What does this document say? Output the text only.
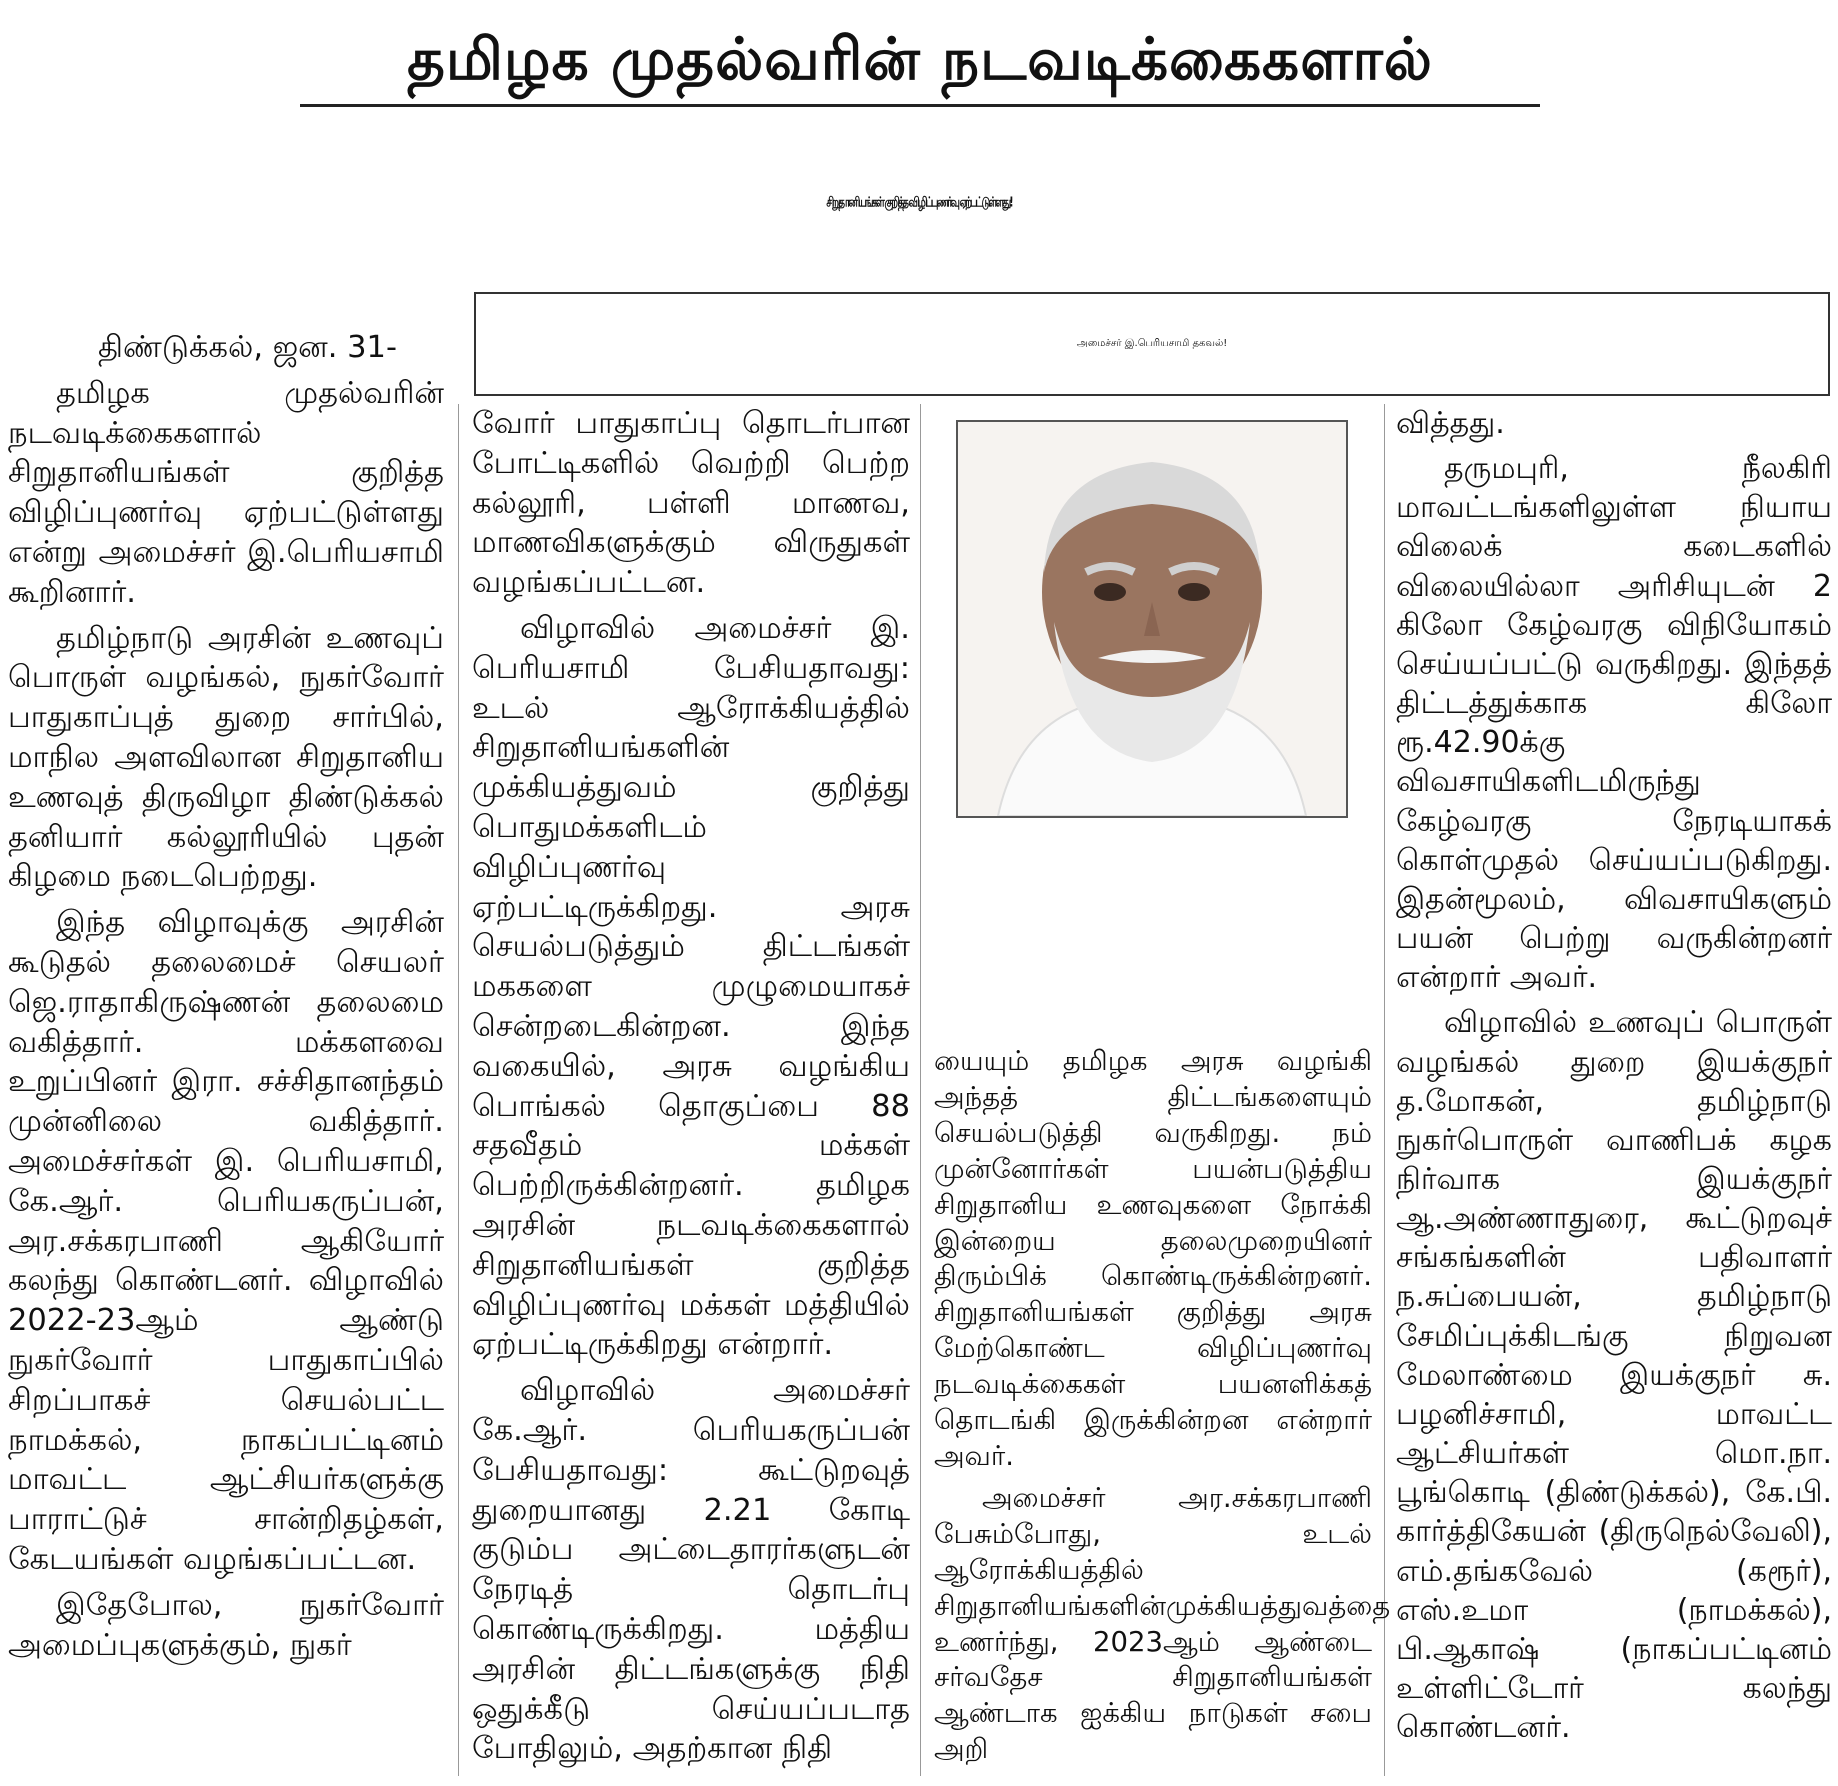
தமிழக முதல்வரின் நடவடிக்கைகளால்
சிறுதானியங்கள் குறித்த விழிப்புணர்வு ஏற்பட்டுள்ளது!
அமைச்சர் இ.பெரியசாமி தகவல்!

திண்டுக்கல், ஜன. 31-

தமிழக முதல்வரின் நடவடிக்கைகளால் சிறுதானியங்கள் குறித்த விழிப்புணர்வு ஏற்பட்டுள்ளது என்று அமைச்சர் இ.பெரியசாமி கூறினார்.

தமிழ்நாடு அரசின் உணவுப் பொருள் வழங்கல், நுகர்வோர் பாதுகாப்புத் துறை சார்பில், மாநில அளவிலான சிறுதானிய உணவுத் திருவிழா திண்டுக்கல் தனியார் கல்லூரியில் புதன் கிழமை நடைபெற்றது.

இந்த விழாவுக்கு அரசின் கூடுதல் தலைமைச் செயலர் ஜெ.ராதாகிருஷ்ணன் தலைமை வகித்தார். மக்களவை உறுப்பினர் இரா. சச்சிதானந்தம் முன்னிலை வகித்தார். அமைச்சர்கள் இ. பெரியசாமி, கே.ஆர். பெரியகருப்பன், அர.சக்கரபாணி ஆகியோர் கலந்து கொண்டனர். விழாவில் 2022-23ஆம் ஆண்டு நுகர்வோர் பாதுகாப்பில் சிறப்பாகச் செயல்பட்ட நாமக்கல், நாகப்பட்டினம் மாவட்ட ஆட்சியர்களுக்கு பாராட்டுச் சான்றிதழ்கள், கேடயங்கள் வழங்கப்பட்டன.

இதேபோல, நுகர்வோர் அமைப்புகளுக்கும், நுகர்

வோர் பாதுகாப்பு தொடர்பான போட்டிகளில் வெற்றி பெற்ற கல்லூரி, பள்ளி மாணவ, மாணவிகளுக்கும் விருதுகள் வழங்கப்பட்டன.

விழாவில் அமைச்சர் இ. பெரியசாமி பேசியதாவது: உடல் ஆரோக்கியத்தில் சிறுதானியங்களின் முக்கியத்துவம் குறித்து பொதுமக்களிடம் விழிப்புணர்வு ஏற்பட்டிருக்கிறது. அரசு செயல்படுத்தும் திட்டங்கள் மககளை முழுமையாகச் சென்றடைகின்றன. இந்த வகையில், அரசு வழங்கிய பொங்கல் தொகுப்பை 88 சதவீதம் மக்கள் பெற்றிருக்கின்றனர். தமிழக அரசின் நடவடிக்கைகளால் சிறுதானியங்கள் குறித்த விழிப்புணர்வு மக்கள் மத்தியில் ஏற்பட்டிருக்கிறது என்றார்.

விழாவில் அமைச்சர் கே.ஆர். பெரியகருப்பன் பேசியதாவது: கூட்டுறவுத் துறையானது 2.21 கோடி குடும்ப அட்டைதாரர்களுடன் நேரடித் தொடர்பு கொண்டிருக்கிறது. மத்திய அரசின் திட்டங்களுக்கு நிதி ஒதுக்கீடு செய்யப்படாத போதிலும், அதற்கான நிதி

யையும் தமிழக அரசு வழங்கி அந்தத் திட்டங்களையும் செயல்படுத்தி வருகிறது. நம் முன்னோர்கள் பயன்படுத்திய சிறுதானிய உணவுகளை நோக்கி இன்றைய தலைமுறையினர் திரும்பிக் கொண்டிருக்கின்றனர். சிறுதானியங்கள் குறித்து அரசு மேற்கொண்ட விழிப்புணர்வு நடவடிக்கைகள் பயனளிக்கத் தொடங்கி இருக்கின்றன என்றார் அவர்.

அமைச்சர் அர.சக்கரபாணி பேசும்போது, உடல் ஆரோக்கியத்தில் சிறுதானியங்களின்முக்கியத்துவத்தை உணர்ந்து, 2023ஆம் ஆண்டை சர்வதேச சிறுதானியங்கள் ஆண்டாக ஐக்கிய நாடுகள் சபை அறி

வித்தது.

தருமபுரி, நீலகிரி மாவட்டங்களிலுள்ள நியாய விலைக் கடைகளில் விலையில்லா அரிசியுடன் 2 கிலோ கேழ்வரகு விநியோகம் செய்யப்பட்டு வருகிறது. இந்தத் திட்டத்துக்காக கிலோ ரூ.42.90க்கு விவசாயிகளிடமிருந்து கேழ்வரகு நேரடியாகக் கொள்முதல் செய்யப்படுகிறது. இதன்மூலம், விவசாயிகளும் பயன் பெற்று வருகின்றனர் என்றார் அவர்.

விழாவில் உணவுப் பொருள் வழங்கல் துறை இயக்குநர் த.மோகன், தமிழ்நாடு நுகர்பொருள் வாணிபக் கழக நிர்வாக இயக்குநர் ஆ.அண்ணாதுரை, கூட்டுறவுச் சங்கங்களின் பதிவாளர் ந.சுப்பையன், தமிழ்நாடு சேமிப்புக்கிடங்கு நிறுவன மேலாண்மை இயக்குநர் சு. பழனிச்சாமி, மாவட்ட ஆட்சியர்கள் மொ.நா. பூங்கொடி (திண்டுக்கல்), கே.பி. கார்த்திகேயன் (திருநெல்வேலி), எம்.தங்கவேல் (கரூர்), எஸ்.உமா (நாமக்கல்), பி.ஆகாஷ் (நாகப்பட்டினம் உள்ளிட்டோர் கலந்து கொண்டனர்.
